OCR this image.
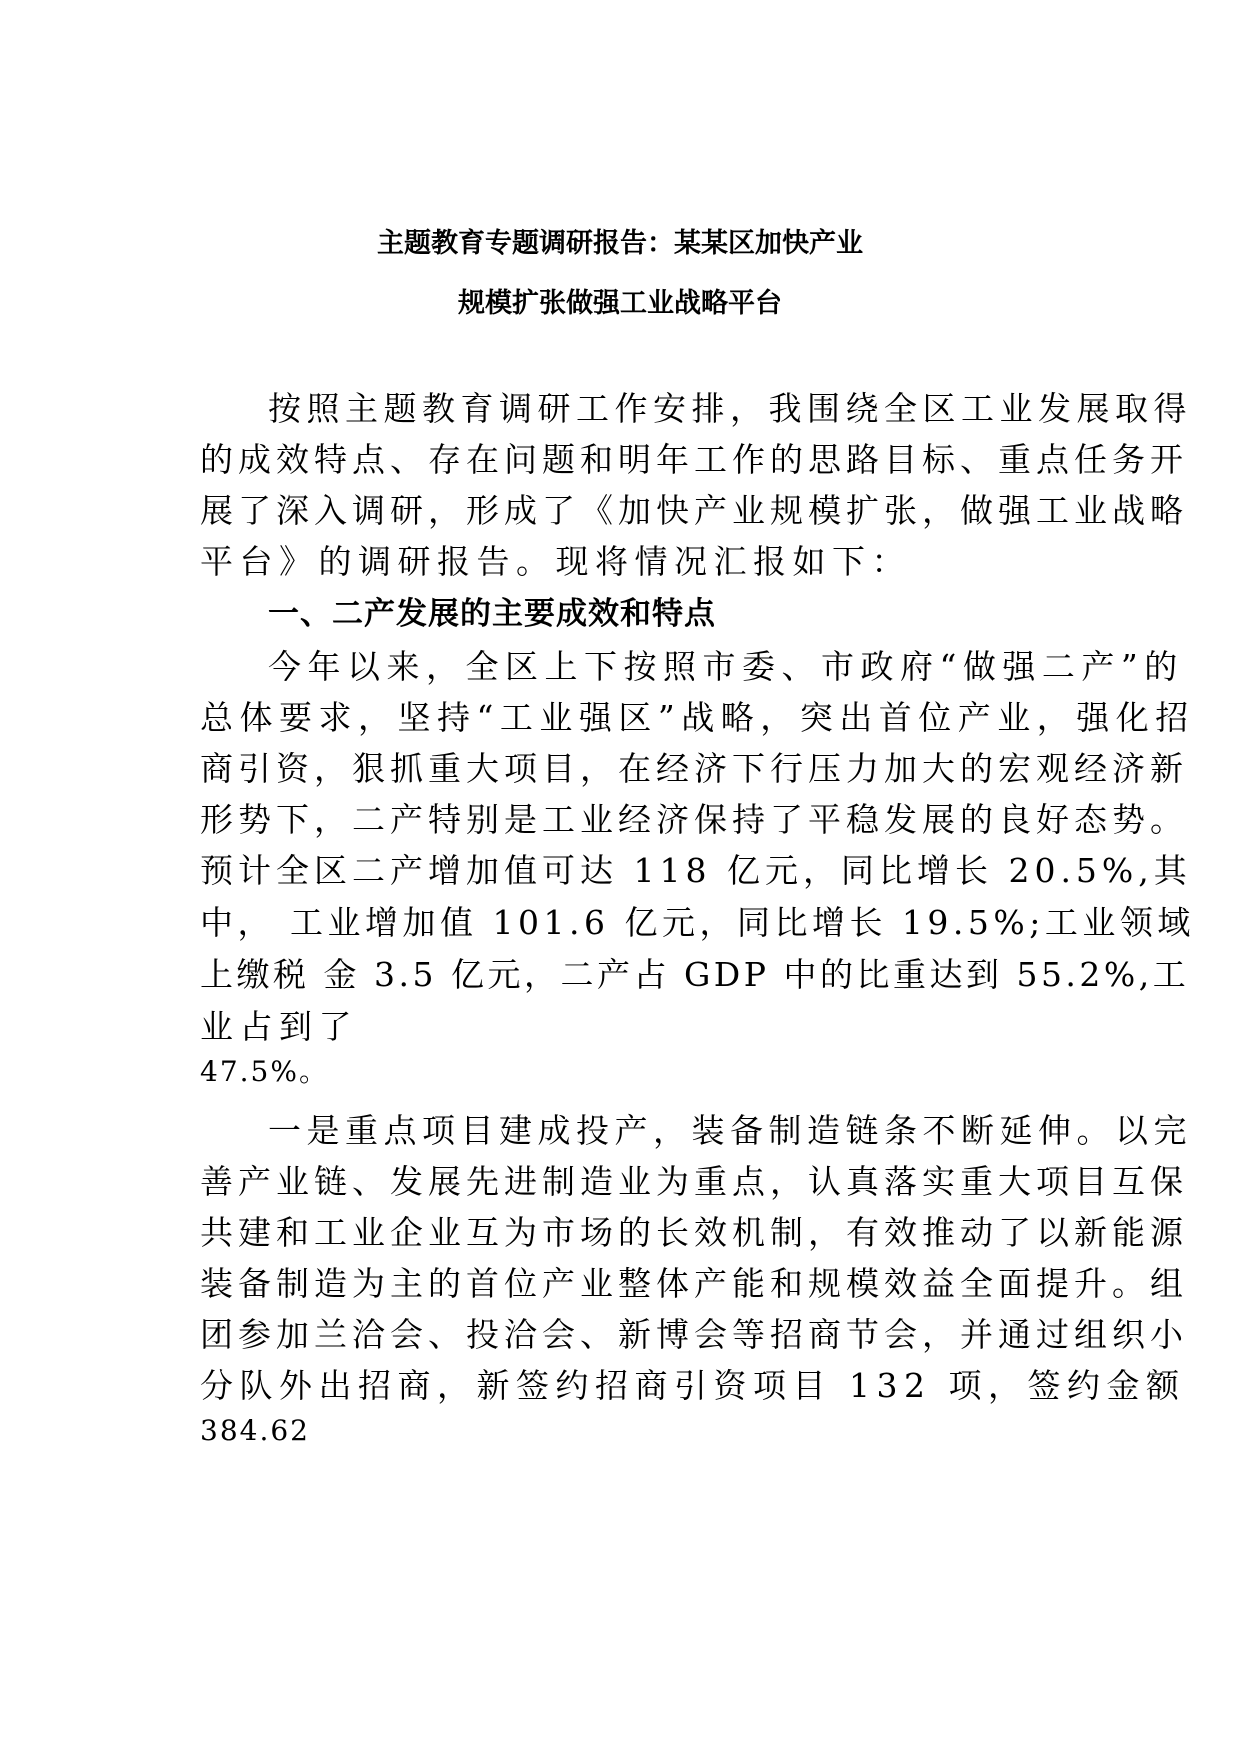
主题教育专题调研报告：某某区加快产业
规模扩张做强工业战略平台
按照主题教育调研工作安排，我围绕全区工业发展取得
的成效特点、存在问题和明年工作的思路目标、重点任务开
展了深入调研，形成了《加快产业规模扩张，做强工业战略
平台》的调研报告。现将情况汇报如下：
一、二产发展的主要成效和特点
今年以来，全区上下按照市委、市政府“做强二产”的
总体要求，坚持“工业强区”战略，突出首位产业，强化招
商引资，狠抓重大项目，在经济下行压力加大的宏观经济新
形势下，二产特别是工业经济保持了平稳发展的良好态势。
预计全区二产增加值可达 118 亿元，同比增长 20.5%,其
中， 工业增加值 101.6 亿元，同比增长 19.5%;工业领域
上缴税 金 3.5 亿元，二产占 GDP 中的比重达到 55.2%,工
业占到了
47.5%。
一是重点项目建成投产，装备制造链条不断延伸。以完
善产业链、发展先进制造业为重点，认真落实重大项目互保
共建和工业企业互为市场的长效机制，有效推动了以新能源
装备制造为主的首位产业整体产能和规模效益全面提升。组
团参加兰洽会、投洽会、新博会等招商节会，并通过组织小
分队外出招商，新签约招商引资项目 132 项，签约金额
384.62
